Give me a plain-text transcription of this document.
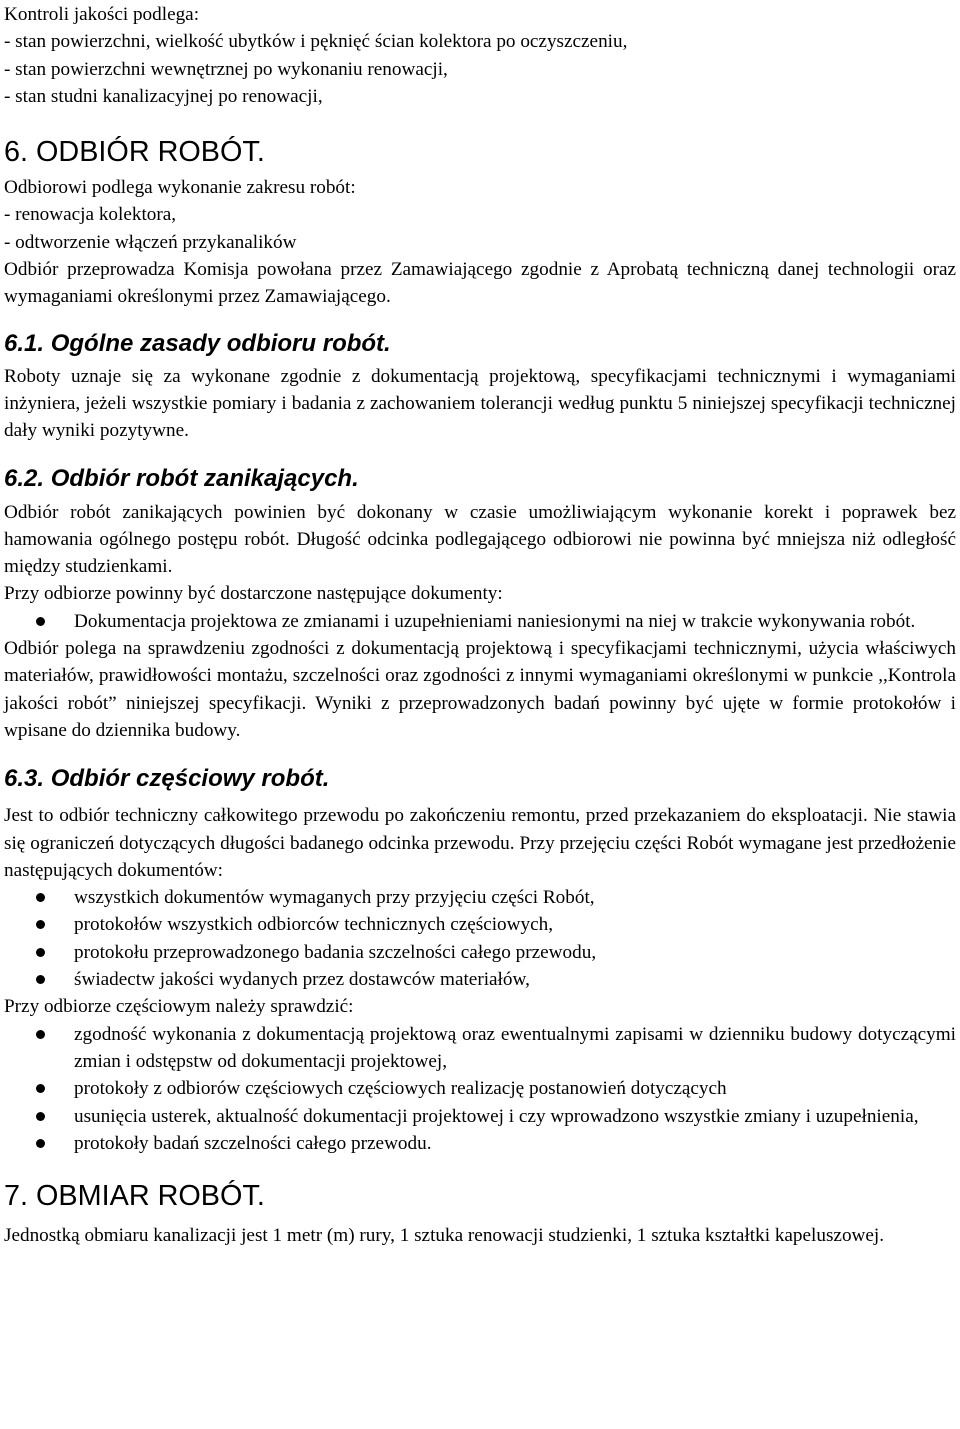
Kontroli jakości podlega:

- stan powierzchni, wielkość ubytków i pęknięć ścian kolektora po oczyszczeniu,

- stan powierzchni wewnętrznej po wykonaniu renowacji,

- stan studni kanalizacyjnej po renowacji,

6. ODBIÓR ROBÓT.

Odbiorowi podlega wykonanie zakresu robót:

- renowacja kolektora,

- odtworzenie włączeń przykanalików

Odbiór przeprowadza Komisja powołana przez Zamawiającego zgodnie z Aprobatą techniczną danej technologii oraz wymaganiami określonymi przez Zamawiającego.

6.1. Ogólne zasady odbioru robót.

Roboty uznaje się za wykonane zgodnie z dokumentacją projektową, specyfikacjami technicznymi i wymaganiami inżyniera, jeżeli wszystkie pomiary i badania z zachowaniem tolerancji według punktu 5 niniejszej specyfikacji technicznej dały wyniki pozytywne.

6.2. Odbiór robót zanikających.

Odbiór robót zanikających powinien być dokonany w czasie umożliwiającym wykonanie korekt i poprawek bez hamowania ogólnego postępu robót. Długość odcinka podlegającego odbiorowi nie powinna być mniejsza niż odległość między studzienkami.

Przy odbiorze powinny być dostarczone następujące dokumenty:

Dokumentacja projektowa ze zmianami i uzupełnieniami naniesionymi na niej w trakcie wykonywania robót.

Odbiór polega na sprawdzeniu zgodności z dokumentacją projektową i specyfikacjami technicznymi, użycia właściwych materiałów, prawidłowości montażu, szczelności oraz zgodności z innymi wymaganiami określonymi w punkcie ,,Kontrola jakości robót” niniejszej specyfikacji. Wyniki z przeprowadzonych badań powinny być ujęte w formie protokołów i wpisane do dziennika budowy.

6.3. Odbiór częściowy robót.

Jest to odbiór techniczny całkowitego przewodu po zakończeniu remontu, przed przekazaniem do eksploatacji. Nie stawia się ograniczeń dotyczących długości badanego odcinka przewodu. Przy przejęciu części Robót wymagane jest przedłożenie następujących dokumentów:

wszystkich dokumentów wymaganych przy przyjęciu części Robót,
protokołów wszystkich odbiorców technicznych częściowych,
protokołu przeprowadzonego badania szczelności całego przewodu,
świadectw jakości wydanych przez dostawców materiałów,

Przy odbiorze częściowym należy sprawdzić:

zgodność wykonania z dokumentacją projektową oraz ewentualnymi zapisami w dzienniku budowy dotyczącymi zmian i odstępstw od dokumentacji projektowej,
protokoły z odbiorów częściowych częściowych realizację postanowień dotyczących
usunięcia usterek, aktualność dokumentacji projektowej i czy wprowadzono wszystkie zmiany i uzupełnienia,
protokoły badań szczelności całego przewodu.
7. OBMIAR ROBÓT.

Jednostką obmiaru kanalizacji jest 1 metr (m) rury, 1 sztuka renowacji studzienki, 1 sztuka kształtki kapeluszowej.
